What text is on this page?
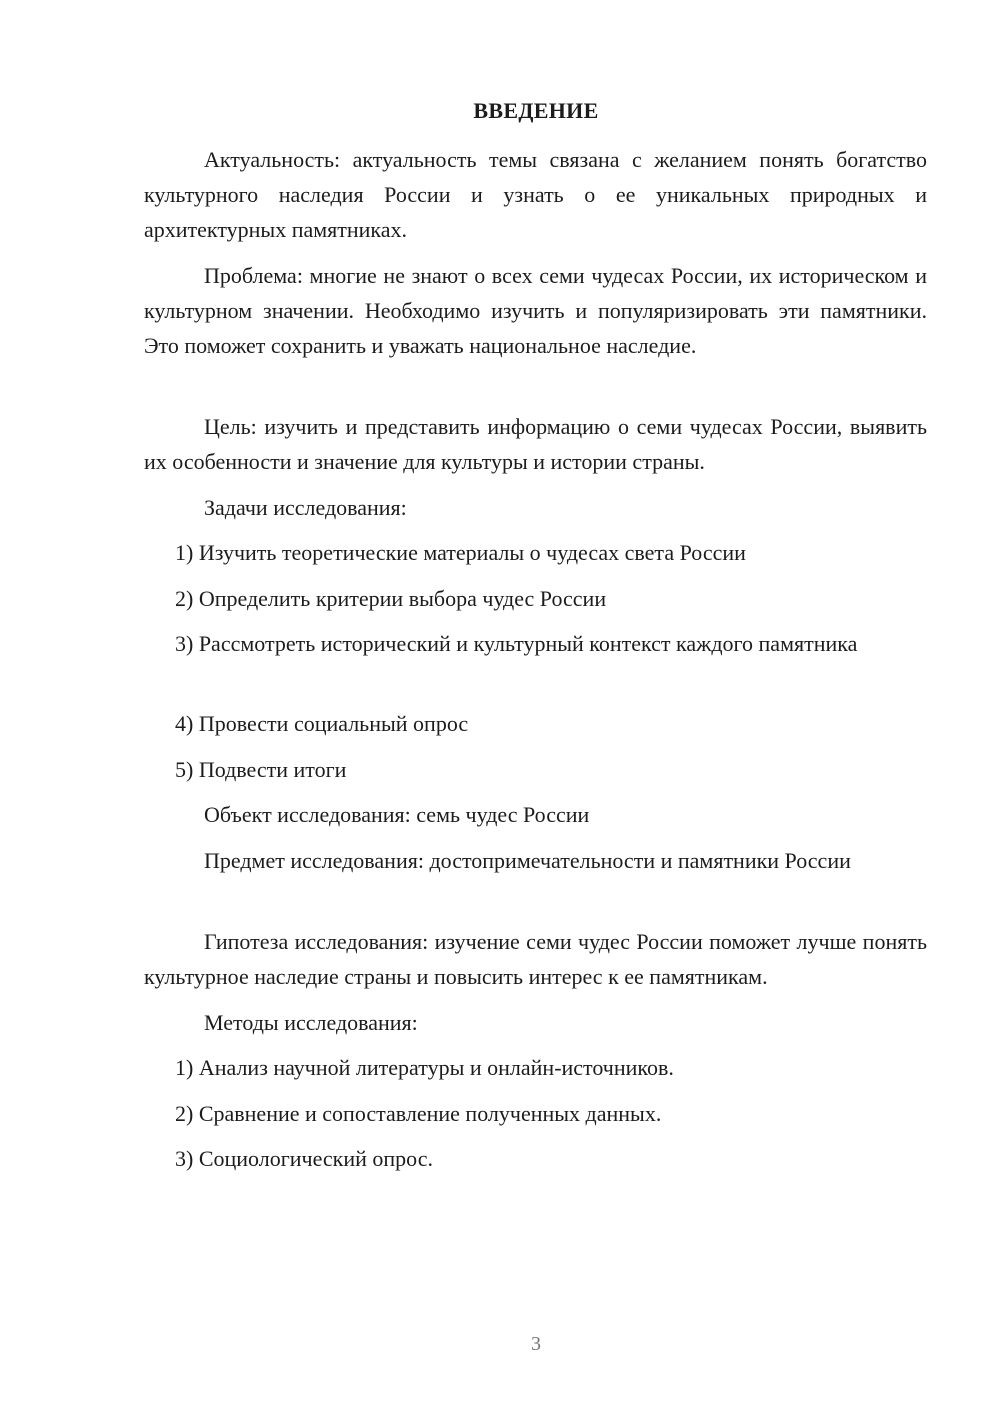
ВВЕДЕНИЕ

Актуальность: актуальность темы связана с желанием понять богатство культурного наследия России и узнать о ее уникальных природных и архитектурных памятниках.

Проблема: многие не знают о всех семи чудесах России, их историческом и культурном значении. Необходимо изучить и популяризировать эти памятники. Это поможет сохранить и уважать национальное наследие.

Цель: изучить и представить информацию о семи чудесах России, выявить их особенности и значение для культуры и истории страны.

Задачи исследования:

1) Изучить теоретические материалы о чудесах света России

2) Определить критерии выбора чудес России

3) Рассмотреть исторический и культурный контекст каждого памятника

4) Провести социальный опрос

5) Подвести итоги

Объект исследования: семь чудес России

Предмет исследования: достопримечательности и памятники России

Гипотеза исследования: изучение семи чудес России поможет лучше понять культурное наследие страны и повысить интерес к ее памятникам.

Методы исследования:

1) Анализ научной литературы и онлайн-источников.

2) Сравнение и сопоставление полученных данных.

3) Социологический опрос.

3
